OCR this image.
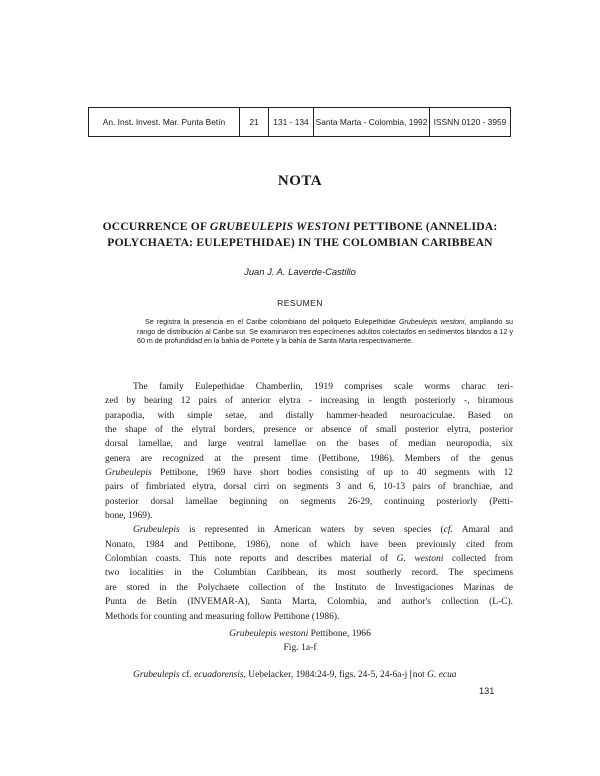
An. Inst. Invest. Mar. Punta Betín	21	131 - 134 Santa Marta - Colombia, 1992 ISSNN 0120 - 3959
NOTA
OCCURRENCE OF GRUBEULEPIS WESTONI PETTIBONE (ANNELIDA:
POLYCHAETA: EULEPETHIDAE) IN THE COLOMBIAN CARIBBEAN
Juan J. A. Laverde-Castillo
RESUMEN

Se registra la presencia en el Caribe colombiano del poliqueto Eulepethidae Grubeulepis westoni, ampliando su rango de distribución al Caribe sur. Se examinaron tres especímenes adultos colectados en sedimentos blandos a 12 y 60 m de profundidad en la bahía de Portete y la bahía de Santa Marta respectivamente.

The family Eulepethidae Chamberlin, 1919 comprises scale worms charac teri-
zed by bearing 12 pairs of anterior elytra - increasing in length posteriorly -, biramous
parapodia, with simple setae, and distally hammer-headed neuroaciculae. Based on
the shape of the elytral borders, presence or absence of small posterior elytra, posterior
dorsal lamellae, and large ventral lamellae on the bases of median neuropodia, six
genera are recognized at the present time (Pettibone, 1986). Members of the genus
Grubeulepis Pettibone, 1969 have short bodies consisting of up to 40 segments with 12
pairs of fimbriated elytra, dorsal cirri on segments 3 and 6, 10-13 pairs of branchiae, and
posterior dorsal lamellae beginning on segments 26-29, continuing posteriorly (Petti-
bone, 1969).
Grubeulepis is represented in American waters by seven species (cf. Amaral and
Nonato, 1984 and Pettibone, 1986), none of which have been previously cited from
Colombian coasts. This note reports and describes material of G. westoni collected from
two localities in the Columbian Caribbean, its most southerly record. The specimens
are stored in the Polychaete collection of the Instituto de Investigaciones Marinas de
Punta de Betín (INVEMAR-A), Santa Marta, Colombia, and author's collection (L-C).
Methods for counting and measuring follow Pettibone (1986).
Grubeulepis westoni Pettibone, 1966
Fig. 1a-f
Grubeulepis cf. ecuadorensis, Uebelacker, 1984:24-9, figs. 24-5, 24-6a-j [not G. ecua
131
